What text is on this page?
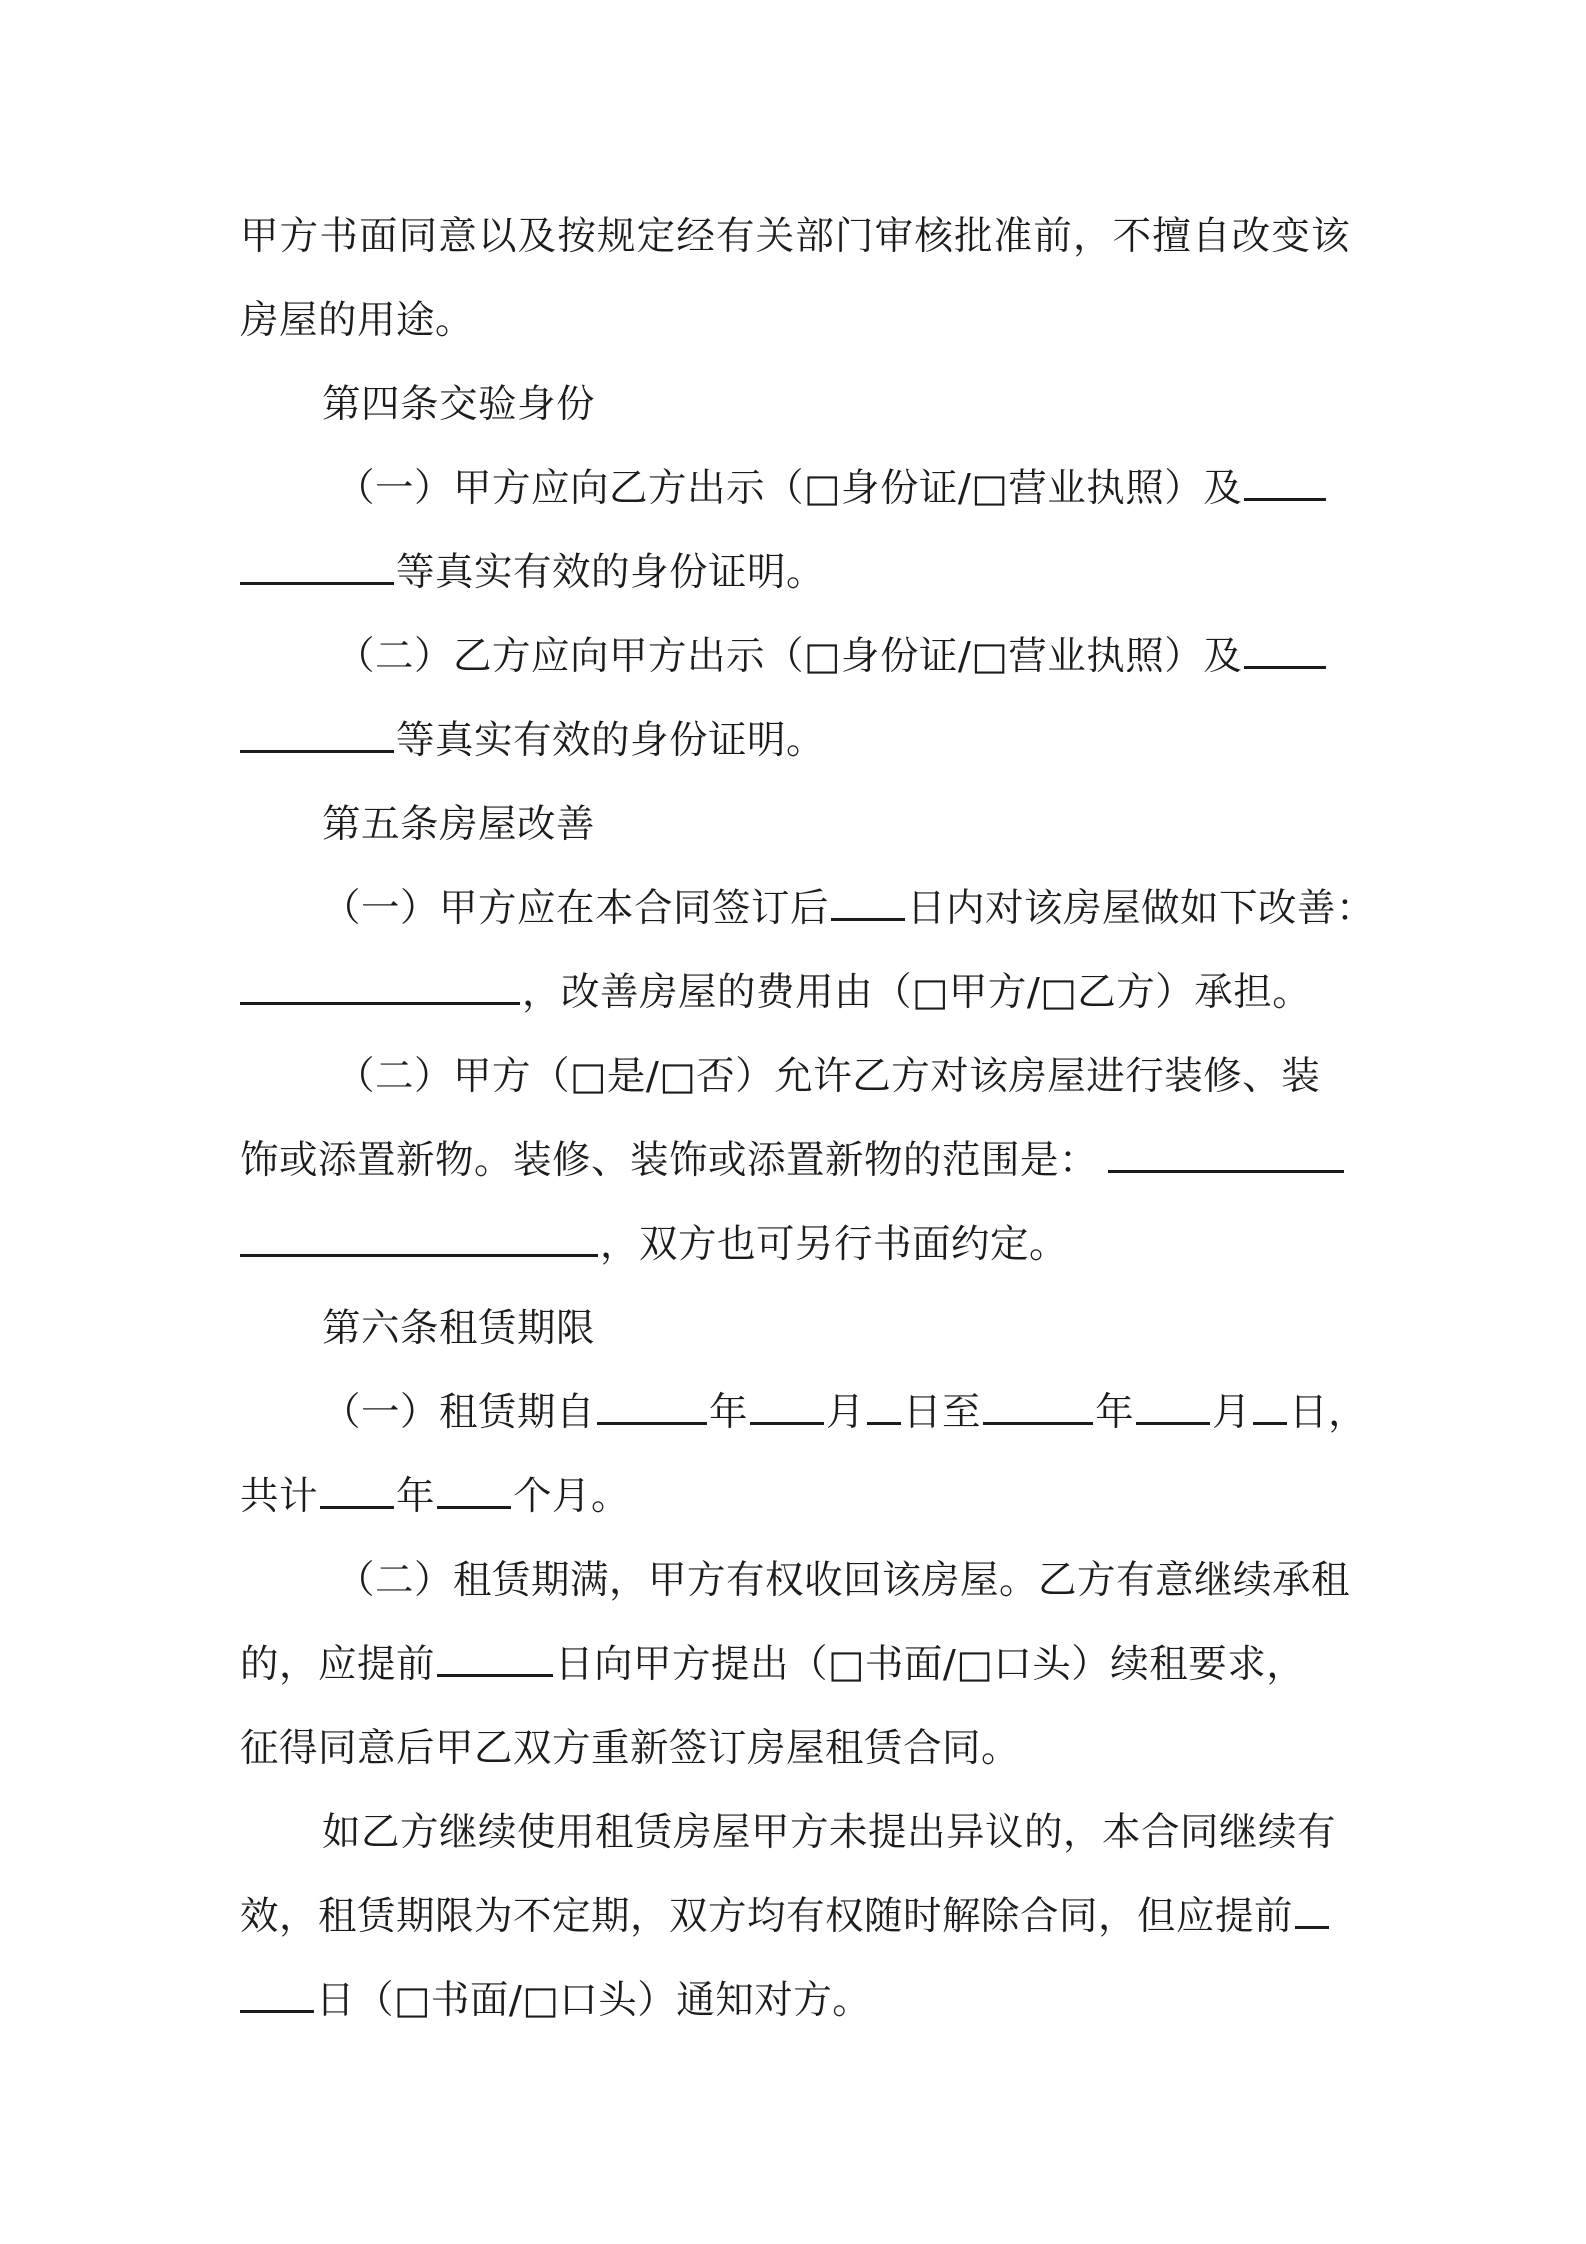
甲方书面同意以及按规定经有关部门审核批准前，不擅自改变该
房屋的用途。
第四条交验身份
（一）甲方应向乙方出示（□身份证/□营业执照）及
等真实有效的身份证明。
（二）乙方应向甲方出示（□身份证/□营业执照）及
等真实有效的身份证明。
第五条房屋改善
（一）甲方应在本合同签订后 日内对该房屋做如下改善：
，改善房屋的费用由（□甲方/□乙方）承担。
（二）甲方（□是/□否）允许乙方对该房屋进行装修、装
饰或添置新物。装修、装饰或添置新物的范围是：
，双方也可另行书面约定。
第六条租赁期限
（一）租赁期自	年 月 日至	年 月 日，
共计 年 个月。
（二）租赁期满，甲方有权收回该房屋。乙方有意继续承租
的，应提前	日向甲方提出（□书面/□口头）续租要求，
征得同意后甲乙双方重新签订房屋租赁合同。
如乙方继续使用租赁房屋甲方未提出异议的，本合同继续有
效，租赁期限为不定期，双方均有权随时解除合同，但应提前
日（□书面/□口头）通知对方。
